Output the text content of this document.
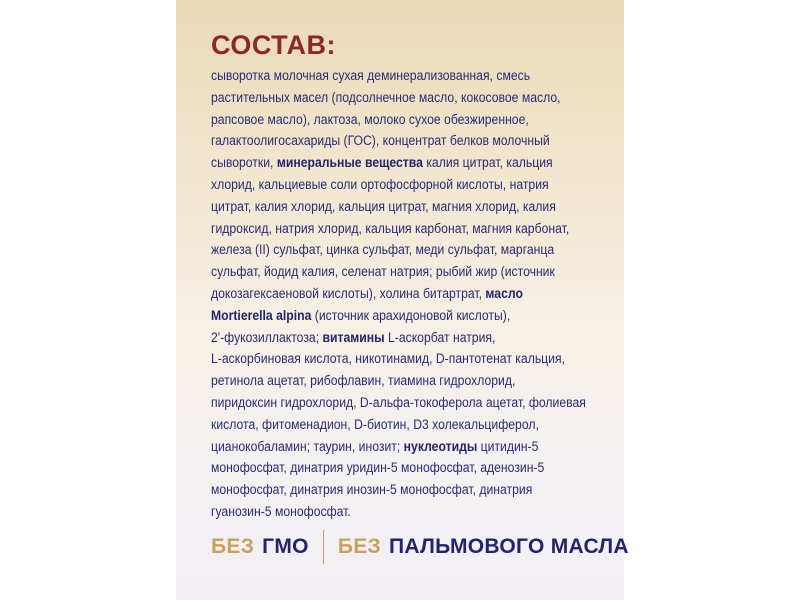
СОСТАВ:
сыворотка молочная сухая деминерализованная, смесь
растительных масел (подсолнечное масло, кокосовое масло,
рапсовое масло), лактоза, молоко сухое обезжиренное,
галактоолигосахариды (ГОС), концентрат белков молочный
сыворотки, минеральные вещества калия цитрат, кальция
хлорид, кальциевые соли ортофосфорной кислоты, натрия
цитрат, калия хлорид, кальция цитрат, магния хлорид, калия
гидроксид, натрия хлорид, кальция карбонат, магния карбонат,
железа (II) сульфат, цинка сульфат, меди сульфат, марганца
сульфат, йодид калия, селенат натрия; рыбий жир (источник
докозагексаеновой кислоты), холина битартрат, масло
Mortierella alpina (источник арахидоновой кислоты),
2'-фукозиллактоза; витамины L-аскорбат натрия,
L-аскорбиновая кислота, никотинамид, D-пантотенат кальция,
ретинола ацетат, рибофлавин, тиамина гидрохлорид,
пиридоксин гидрохлорид, D-альфа-токоферола ацетат, фолиевая
кислота, фитоменадион, D-биотин, D3 холекальциферол,
цианокобаламин; таурин, инозит; нуклеотиды цитидин-5
монофосфат, динатрия уридин-5 монофосфат, аденозин-5
монофосфат, динатрия инозин-5 монофосфат, динатрия
гуанозин-5 монофосфат.
БЕЗ ГМО БЕЗ ПАЛЬМОВОГО МАСЛА
